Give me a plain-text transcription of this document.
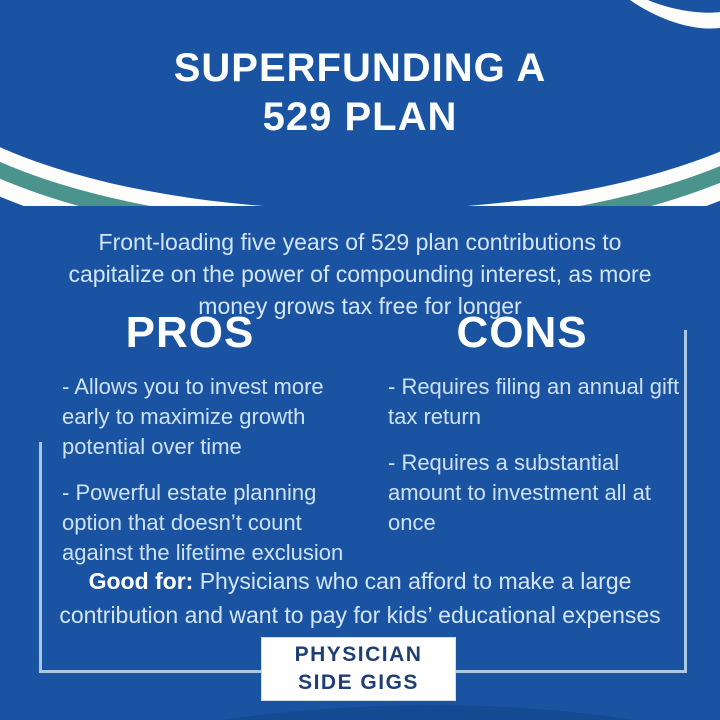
SUPERFUNDING A
529 PLAN

Front-loading five years of 529 plan contributions to capitalize on the power of compounding interest, as more money grows tax free for longer

PROS	CONS

- Allows you to invest more early to maximize growth potential over time

- Powerful estate planning option that doesn’t count against the lifetime exclusion

- Requires filing an annual gift tax return

- Requires a substantial amount to investment all at once

Good for: Physicians who can afford to make a large contribution and want to pay for kids’ educational expenses

PHYSICIAN
SIDE GIGS
